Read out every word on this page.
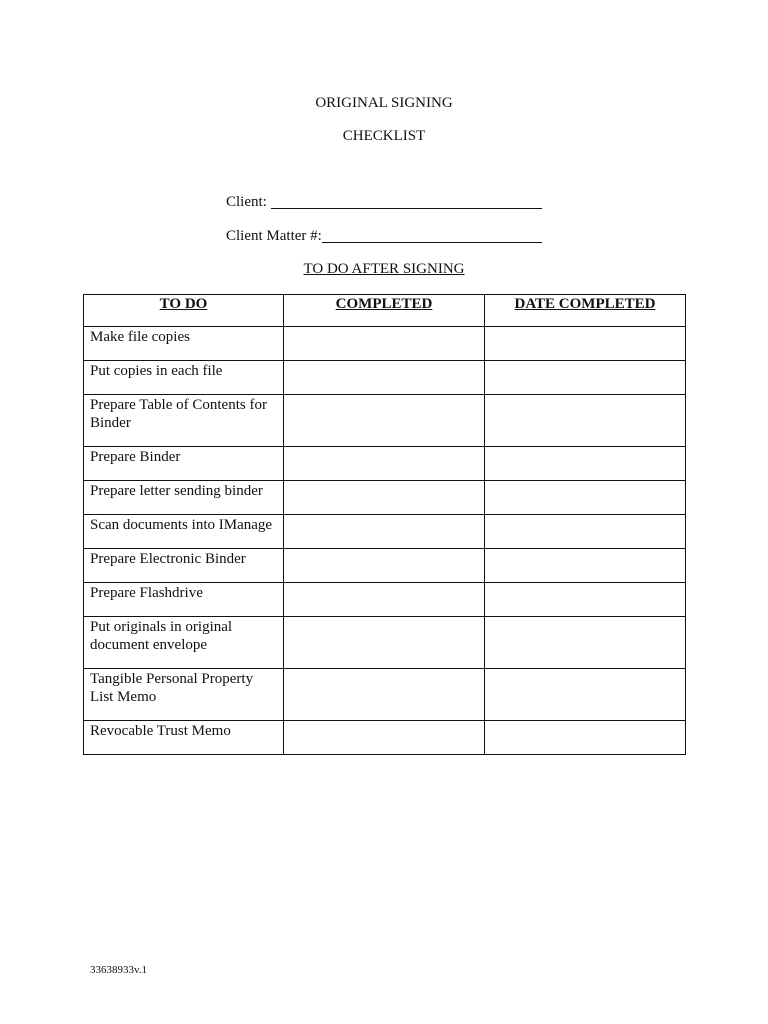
ORIGINAL SIGNING
CHECKLIST
Client:
Client Matter #:
TO DO AFTER SIGNING
TO DO	COMPLETED	DATE COMPLETED
Make file copies		
Put copies in each file		
Prepare Table of Contents for Binder		
Prepare Binder		
Prepare letter sending binder		
Scan documents into IManage		
Prepare Electronic Binder		
Prepare Flashdrive		
Put originals in original document envelope		
Tangible Personal Property List Memo		
Revocable Trust Memo		
33638933v.1
